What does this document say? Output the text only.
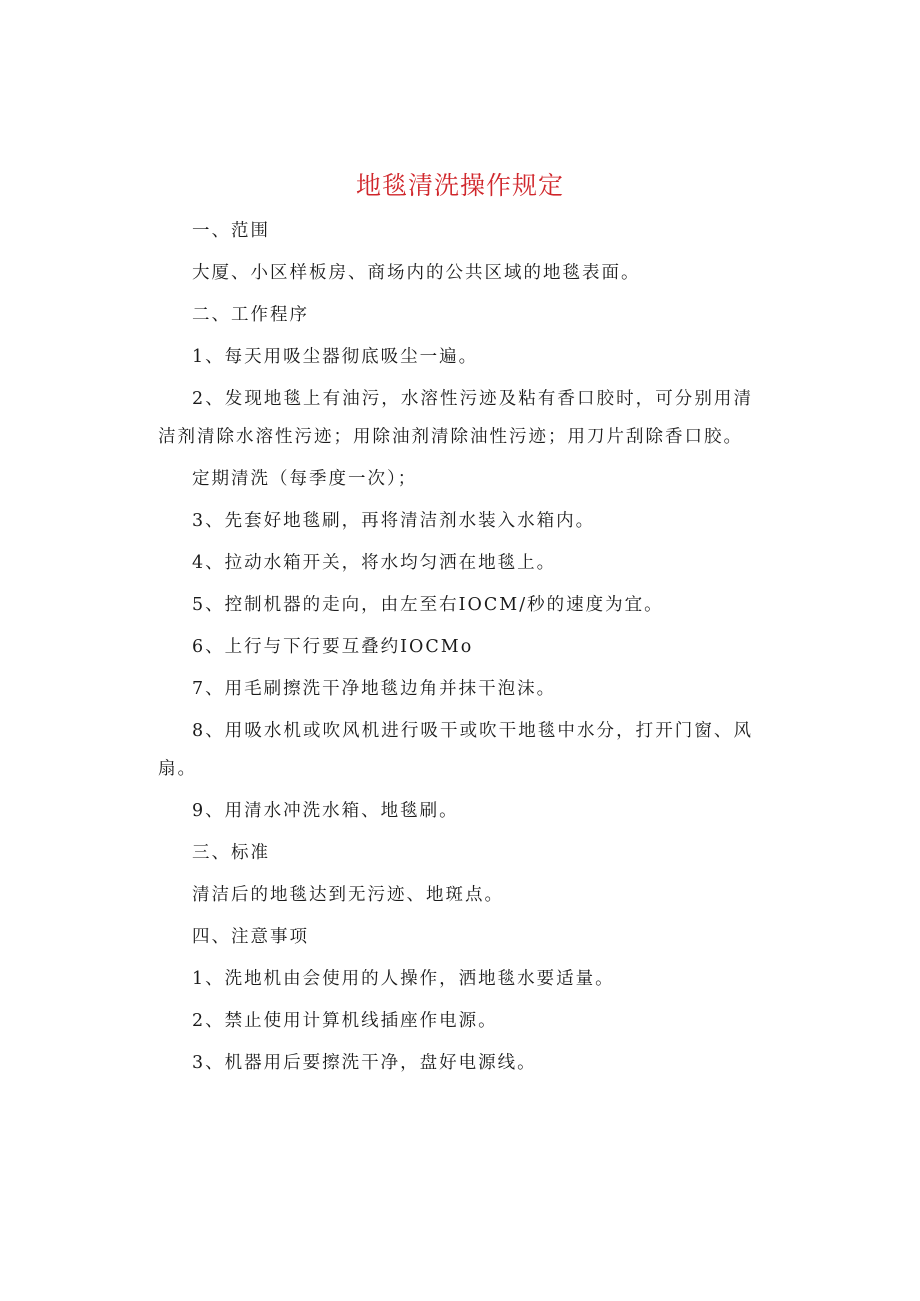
地毯清洗操作规定

一、范围

大厦、小区样板房、商场内的公共区域的地毯表面。

二、工作程序

1、每天用吸尘器彻底吸尘一遍。

2、发现地毯上有油污，水溶性污迹及粘有香口胶时，可分别用清洁剂清除水溶性污迹；用除油剂清除油性污迹；用刀片刮除香口胶。

定期清洗（每季度一次）；

3、先套好地毯刷，再将清洁剂水装入水箱内。

4、拉动水箱开关，将水均匀洒在地毯上。

5、控制机器的走向，由左至右IOCM/秒的速度为宜。

6、上行与下行要互叠约IOCMo

7、用毛刷擦洗干净地毯边角并抹干泡沫。

8、用吸水机或吹风机进行吸干或吹干地毯中水分，打开门窗、风扇。

9、用清水冲洗水箱、地毯刷。

三、标准

清洁后的地毯达到无污迹、地斑点。

四、注意事项

1、洗地机由会使用的人操作，洒地毯水要适量。

2、禁止使用计算机线插座作电源。

3、机器用后要擦洗干净，盘好电源线。
